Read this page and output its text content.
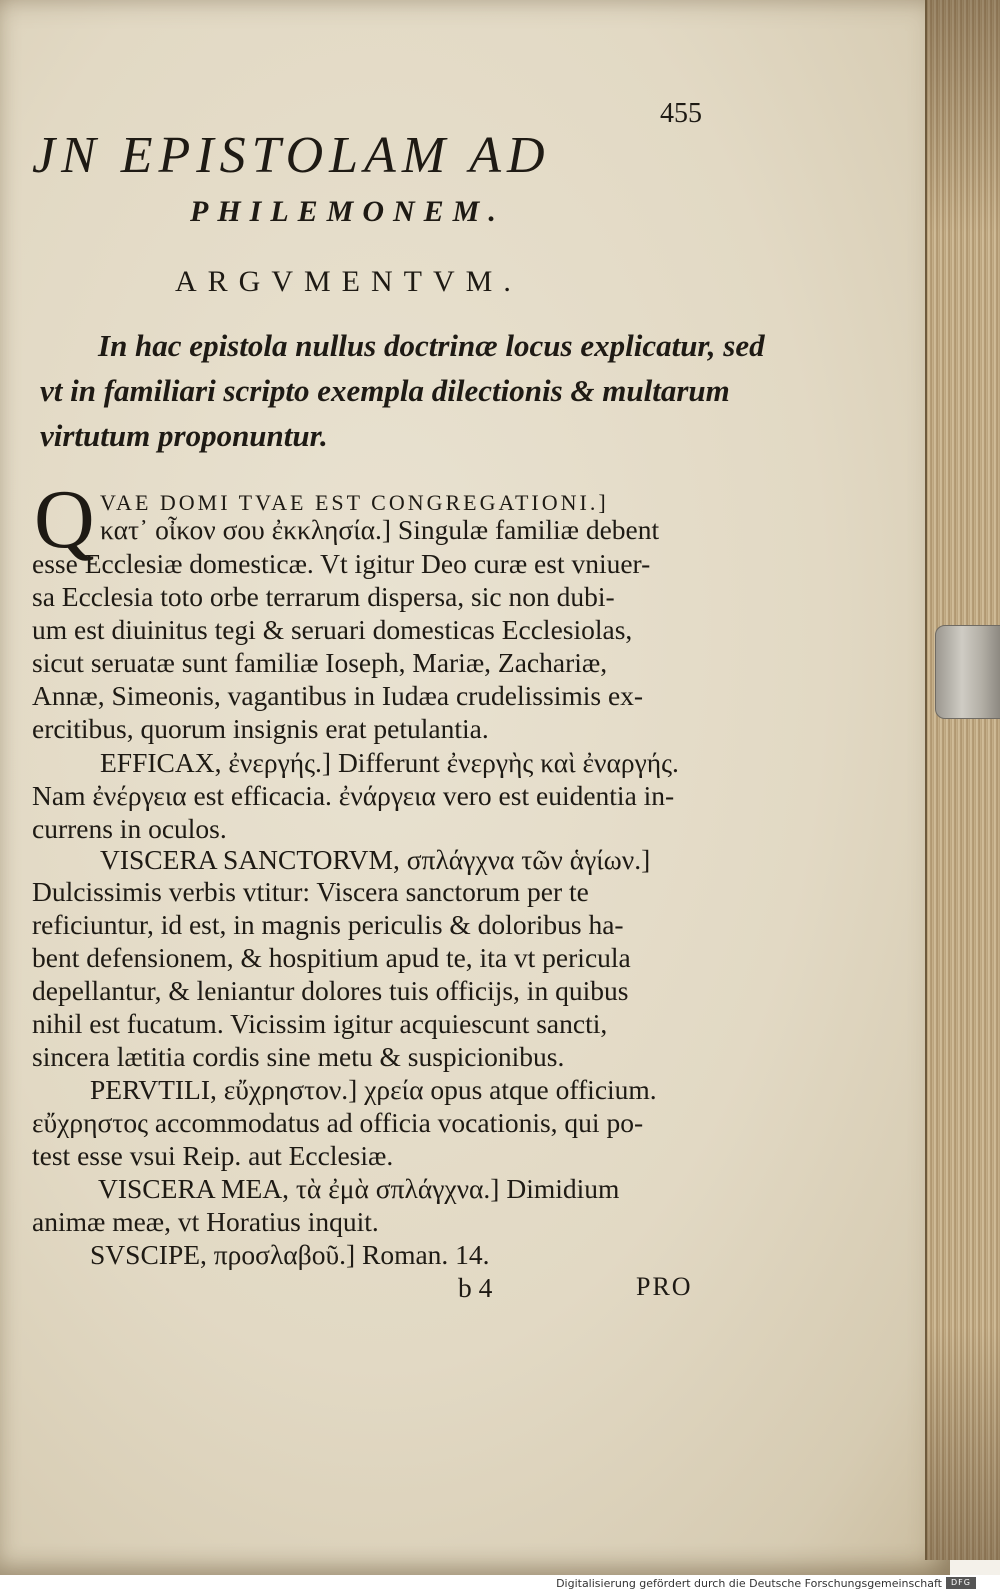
455
JN EPISTOLAM AD
PHILEMONEM.
ARGVMENTVM.
In hac epistola nullus doctrinæ locus explicatur, sed
vt in familiari scripto exempla dilectionis & multarum
virtutum proponuntur.
Q VAE DOMI TVAE EST CONGREGATIONI.]
κατ᾽ οἶκον σου ἐκκλησία.] Singulæ familiæ debent
esse Ecclesiæ domesticæ. Vt igitur Deo curæ est vniuer-
sa Ecclesia toto orbe terrarum dispersa, sic non dubi-
um est diuinitus tegi & seruari domesticas Ecclesiolas,
sicut seruatæ sunt familiæ Ioseph, Mariæ, Zachariæ,
Annæ, Simeonis, vagantibus in Iudæa crudelissimis ex-
ercitibus, quorum insignis erat petulantia.
EFFICAX, ἐνεργής.] Differunt ἐνεργὴς καὶ ἐναργής.
Nam ἐνέργεια est efficacia. ἐνάργεια vero est euidentia in-
currens in oculos.
VISCERA SANCTORVM, σπλάγχνα τῶν ἁγίων.]
Dulcissimis verbis vtitur: Viscera sanctorum per te
reficiuntur, id est, in magnis periculis & doloribus ha-
bent defensionem, & hospitium apud te, ita vt pericula
depellantur, & leniantur dolores tuis officijs, in quibus
nihil est fucatum. Vicissim igitur acquiescunt sancti,
sincera lætitia cordis sine metu & suspicionibus.
PERVTILI, εὔχρηστον.] χρεία opus atque officium.
εὔχρηστος accommodatus ad officia vocationis, qui po-
test esse vsui Reip. aut Ecclesiæ.
VISCERA MEA, τὰ ἐμὰ σπλάγχνα.] Dimidium
animæ meæ, vt Horatius inquit.
SVSCIPE, προσλαβοῦ.] Roman. 14.
b 4	PRO
Digitalisierung gefördert durch die Deutsche Forschungsgemeinschaft	DFG
